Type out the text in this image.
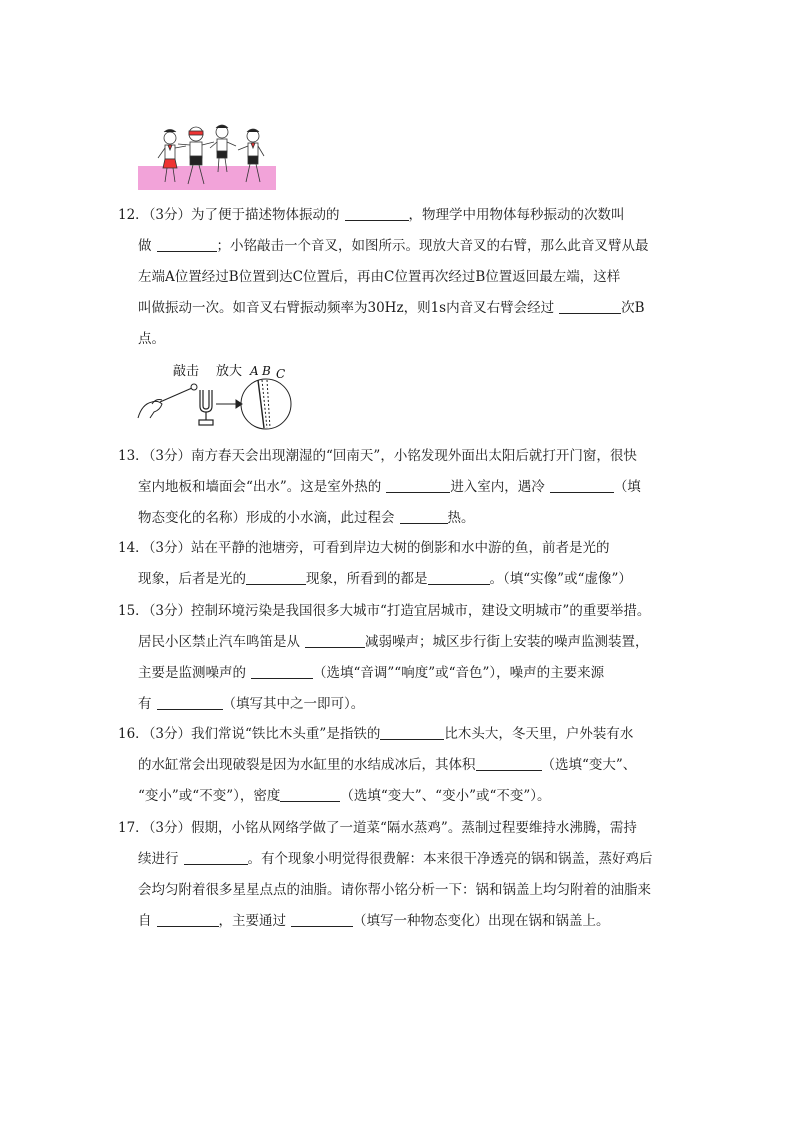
12．（3分）为了便于描述物体振动的	，物理学中用物体每秒振动的次数叫
做	；小铭敲击一个音叉，如图所示。现放大音叉的右臂，那么此音叉臂从最
左端A位置经过B位置到达C位置后，再由C位置再次经过B位置返回最左端，这样
叫做振动一次。如音叉右臂振动频率为30Hz，则1s内音叉右臂会经过	次B
点。
敲击 放大 A B C
13．（3分）南方春天会出现潮湿的“回南天”，小铭发现外面出太阳后就打开门窗，很快
室内地板和墙面会“出水”。这是室外热的	进入室内，遇冷	（填
物态变化的名称）形成的小水滴，此过程会	热。
14．（3分）站在平静的池塘旁，可看到岸边大树的倒影和水中游的鱼，前者是光的
现象，后者是光的	现象，所看到的都是	。（填“实像”或“虚像”）
15．（3分）控制环境污染是我国很多大城市“打造宜居城市，建设文明城市”的重要举措。
居民小区禁止汽车鸣笛是从	减弱噪声；城区步行街上安装的噪声监测装置，
主要是监测噪声的	（选填“音调”“响度”或“音色”），噪声的主要来源
有	（填写其中之一即可）。
16．（3分）我们常说“铁比木头重”是指铁的	比木头大，冬天里，户外装有水
的水缸常会出现破裂是因为水缸里的水结成冰后，其体积	（选填“变大”、
“变小”或“不变”），密度	（选填“变大”、“变小”或“不变”）。
17．（3分）假期，小铭从网络学做了一道菜“隔水蒸鸡”。蒸制过程要维持水沸腾，需持
续进行	。有个现象小明觉得很费解：本来很干净透亮的锅和锅盖，蒸好鸡后
会均匀附着很多星星点点的油脂。请你帮小铭分析一下：锅和锅盖上均匀附着的油脂来
自	，主要通过	（填写一种物态变化）出现在锅和锅盖上。
